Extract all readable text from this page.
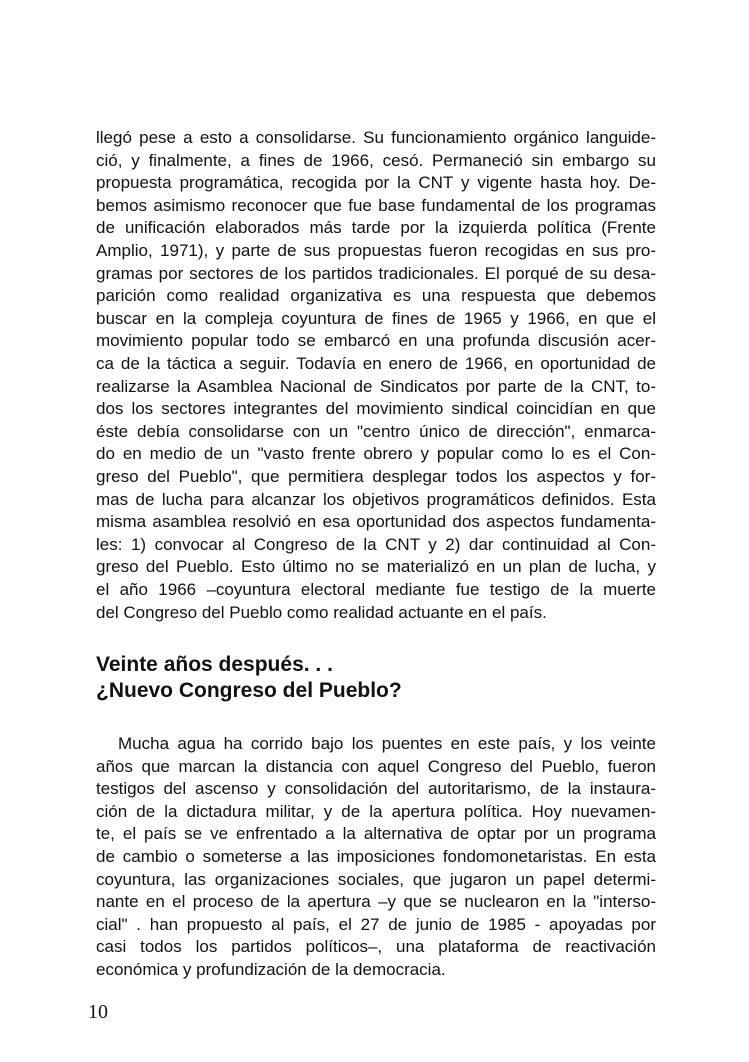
llegó pese a esto a consolidarse. Su funcionamiento orgánico languide-
ció, y finalmente, a fines de 1966, cesó. Permaneció sin embargo su
propuesta programática, recogida por la CNT y vigente hasta hoy. De-
bemos asimismo reconocer que fue base fundamental de los programas
de unificación elaborados más tarde por la izquierda política (Frente
Amplio, 1971), y parte de sus propuestas fueron recogidas en sus pro-
gramas por sectores de los partidos tradicionales. El porqué de su desa-
parición como realidad organizativa es una respuesta que debemos
buscar en la compleja coyuntura de fines de 1965 y 1966, en que el
movimiento popular todo se embarcó en una profunda discusión acer-
ca de la táctica a seguir. Todavía en enero de 1966, en oportunidad de
realizarse la Asamblea Nacional de Sindicatos por parte de la CNT, to-
dos los sectores integrantes del movimiento sindical coincidían en que
éste debía consolidarse con un "centro único de dirección", enmarca-
do en medio de un "vasto frente obrero y popular como lo es el Con-
greso del Pueblo", que permitiera desplegar todos los aspectos y for-
mas de lucha para alcanzar los objetivos programáticos definidos. Esta
misma asamblea resolvió en esa oportunidad dos aspectos fundamenta-
les: 1) convocar al Congreso de la CNT y 2) dar continuidad al Con-
greso del Pueblo. Esto último no se materializó en un plan de lucha, y
el año 1966 –coyuntura electoral mediante fue testigo de la muerte
del Congreso del Pueblo como realidad actuante en el país.
Veinte años después. . .
¿Nuevo Congreso del Pueblo?
Mucha agua ha corrido bajo los puentes en este país, y los veinte
años que marcan la distancia con aquel Congreso del Pueblo, fueron
testigos del ascenso y consolidación del autoritarismo, de la instaura-
ción de la dictadura militar, y de la apertura política. Hoy nuevamen-
te, el país se ve enfrentado a la alternativa de optar por un programa
de cambio o someterse a las imposiciones fondomonetaristas. En esta
coyuntura, las organizaciones sociales, que jugaron un papel determi-
nante en el proceso de la apertura –y que se nuclearon en la "interso-
cial" . han propuesto al país, el 27 de junio de 1985 - apoyadas por
casi todos los partidos políticos–, una plataforma de reactivación
económica y profundización de la democracia.
10
